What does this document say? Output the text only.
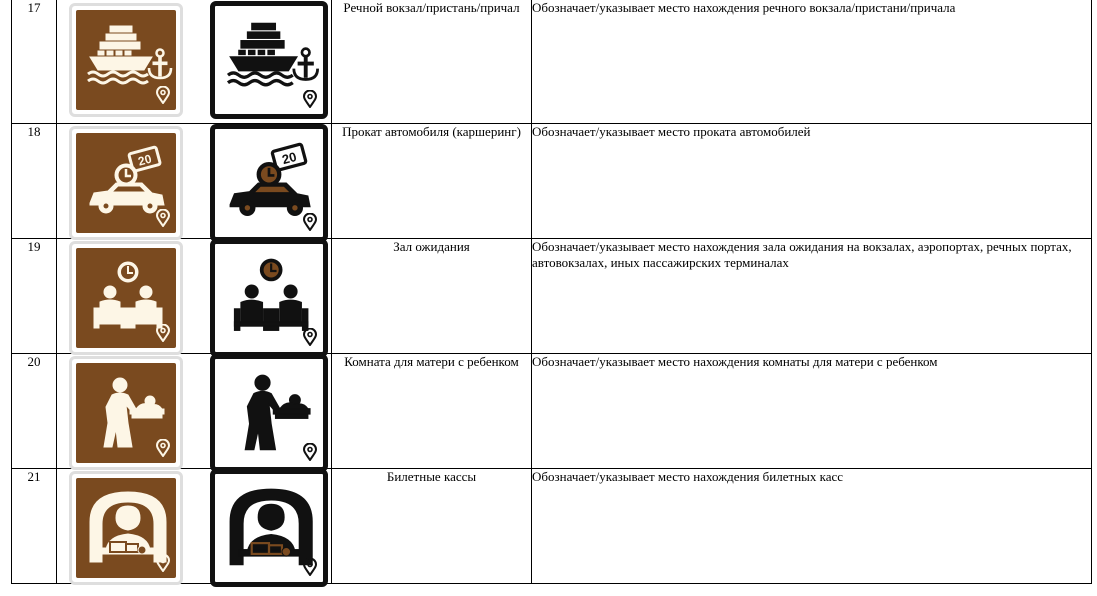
17		Речной вокзал/пристань/причал	Обозначает/указывает место нахождения речного вокзала/пристани/причала
18		Прокат автомобиля (каршеринг)	Обозначает/указывает место проката автомобилей
19		Зал ожидания	Обозначает/указывает место нахождения зала ожидания на вокзалах, аэропортах, речных портах, автовокзалах, иных пассажирских терминалах
20		Комната для матери с ребенком	Обозначает/указывает место нахождения комнаты для матери с ребенком
21		Билетные кассы	Обозначает/указывает место нахождения билетных касс
